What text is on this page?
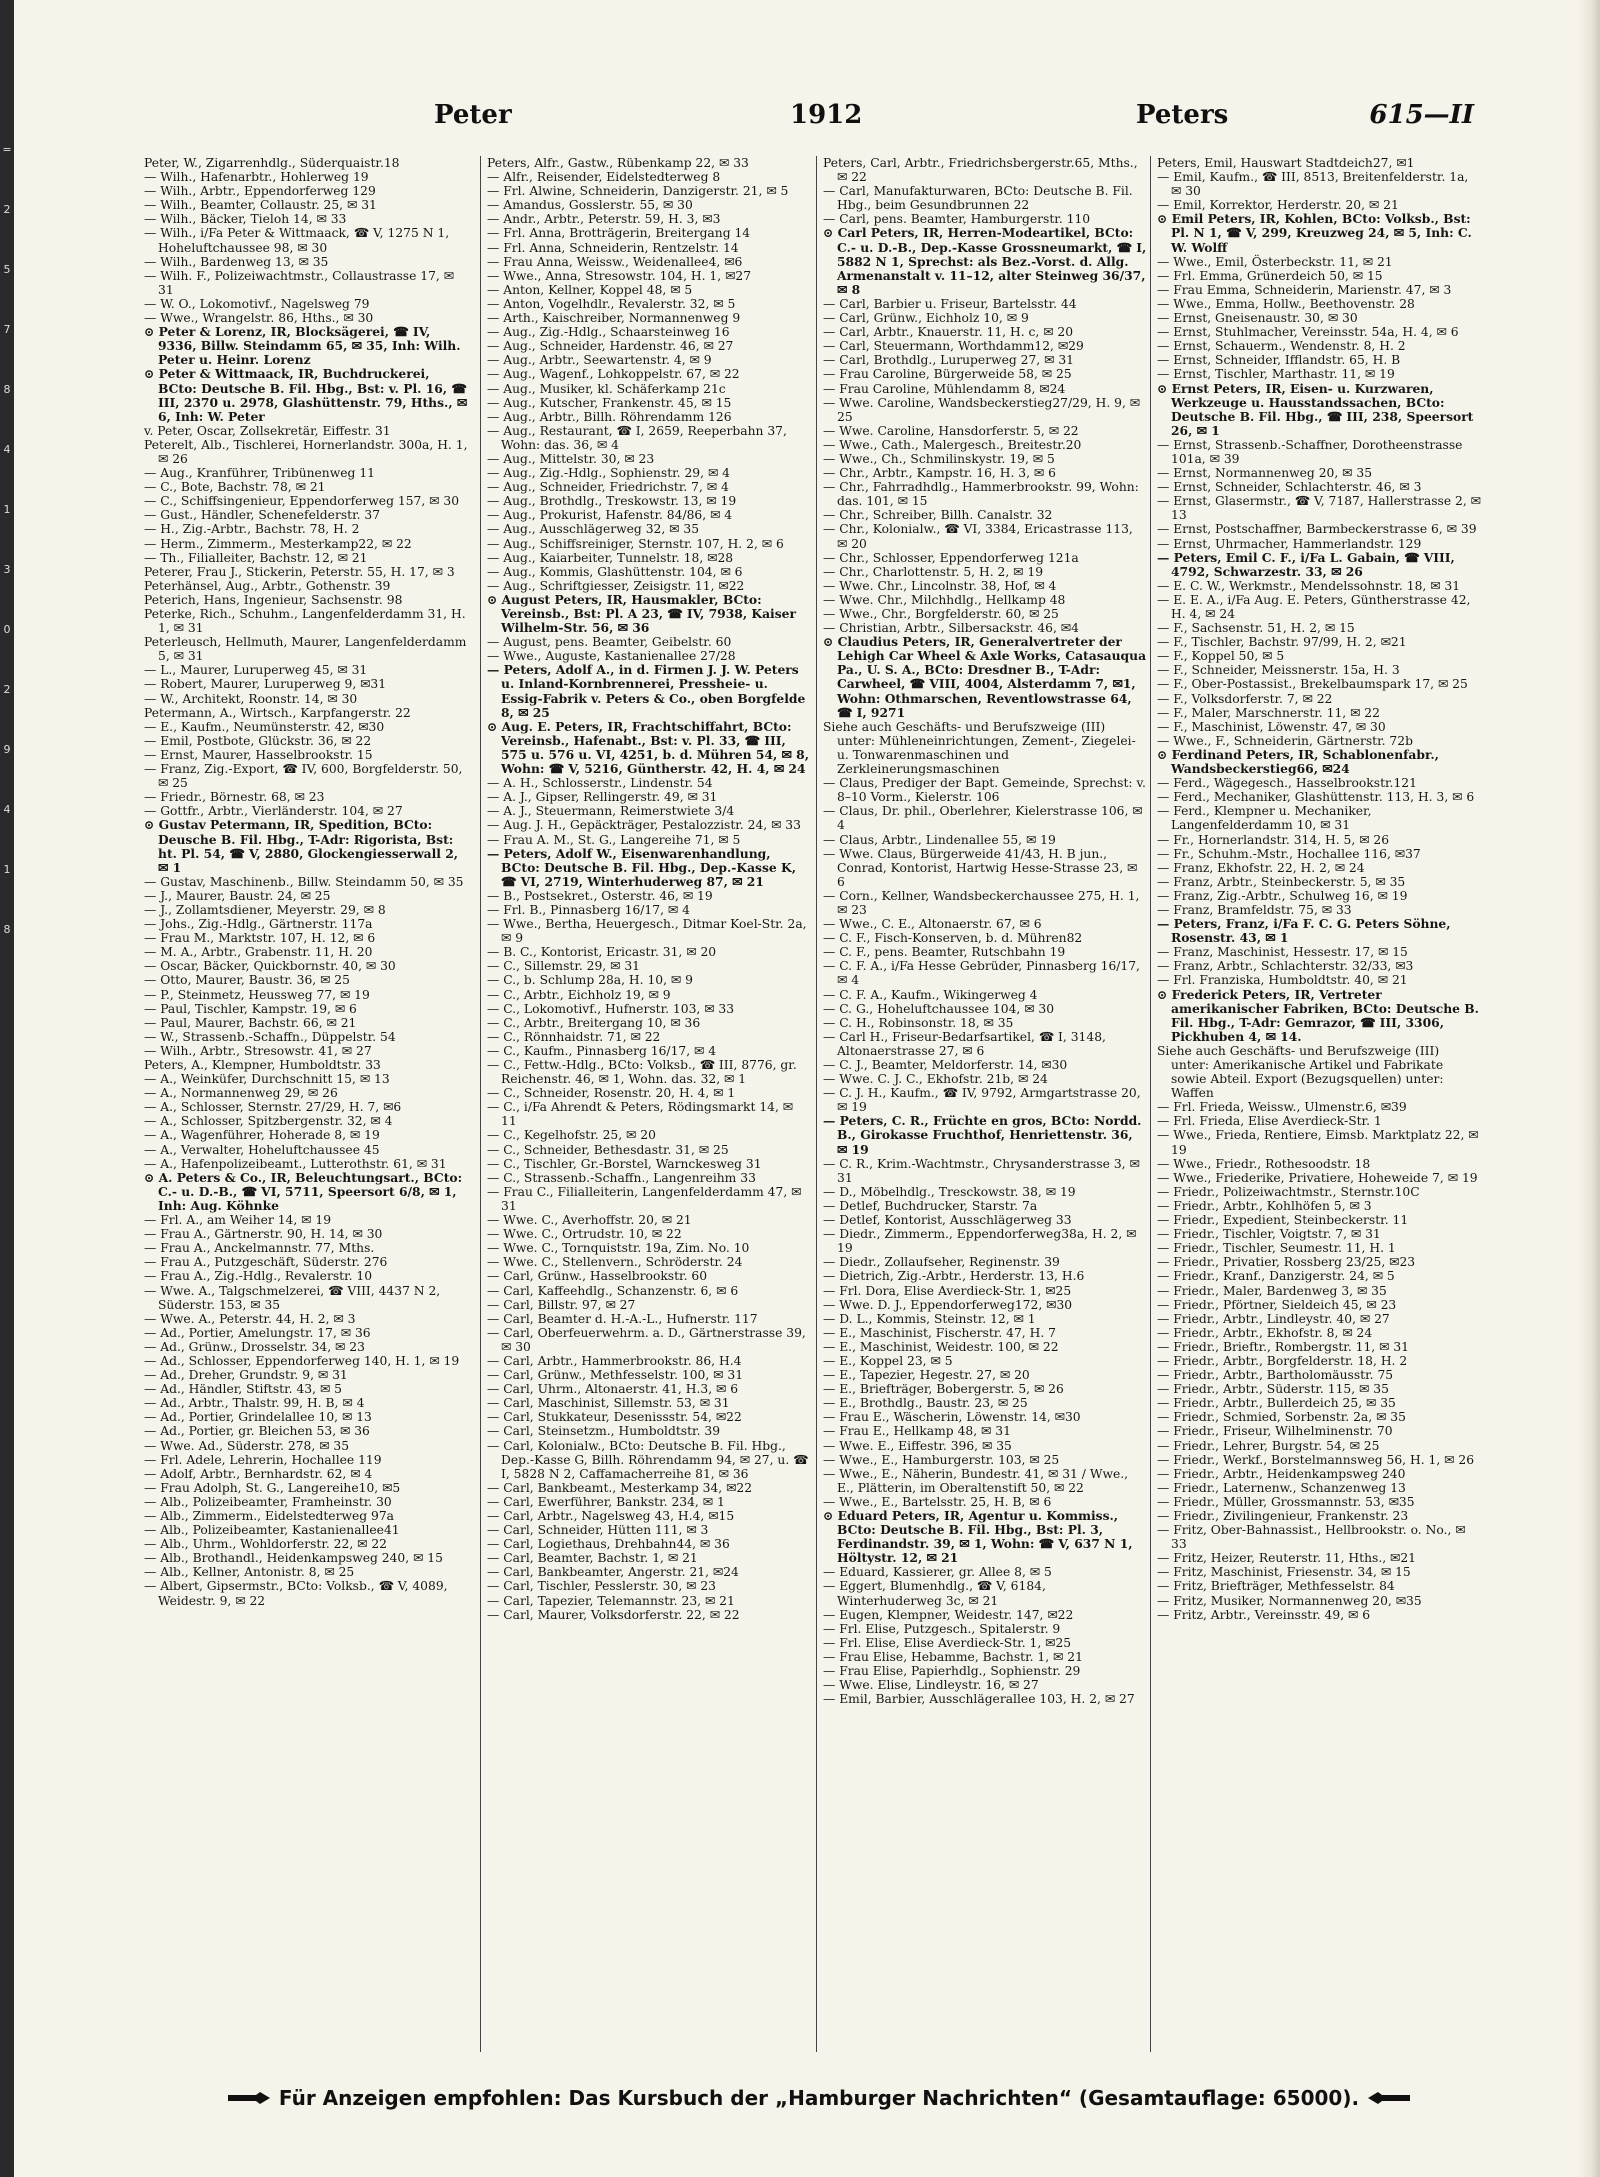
=
2
5
7
8
4
1
3
0
2
9
4
1
8
Peter	1912	Peters	615—II

Peter, W., Zigarrenhdlg., Süderquaistr.18

— Wilh., Hafenarbtr., Hohlerweg 19

— Wilh., Arbtr., Eppendorferweg 129

— Wilh., Beamter, Collaustr. 25, ✉ 31

— Wilh., Bäcker, Tieloh 14, ✉ 33

— Wilh., i/Fa Peter & Wittmaack, ☎ V, 1275 N 1, Hoheluftchaussee 98, ✉ 30

— Wilh., Bardenweg 13, ✉ 35

— Wilh. F., Polizeiwachtmstr., Collaustrasse 17, ✉ 31

— W. O., Lokomotivf., Nagelsweg 79

— Wwe., Wrangelstr. 86, Hths., ✉ 30

⊙ Peter & Lorenz, IR, Blocksägerei, ☎ IV, 9336, Billw. Steindamm 65, ✉ 35, Inh: Wilh. Peter u. Heinr. Lorenz

⊙ Peter & Wittmaack, IR, Buchdruckerei, BCto: Deutsche B. Fil. Hbg., Bst: v. Pl. 16, ☎ III, 2370 u. 2978, Glashüttenstr. 79, Hths., ✉ 6, Inh: W. Peter

v. Peter, Oscar, Zollsekretär, Eiffestr. 31

Peterelt, Alb., Tischlerei, Hornerlandstr. 300a, H. 1, ✉ 26

— Aug., Kranführer, Tribünenweg 11

— C., Bote, Bachstr. 78, ✉ 21

— C., Schiffsingenieur, Eppendorferweg 157, ✉ 30

— Gust., Händler, Schenefelderstr. 37

— H., Zig.-Arbtr., Bachstr. 78, H. 2

— Herm., Zimmerm., Mesterkamp22, ✉ 22

— Th., Filialleiter, Bachstr. 12, ✉ 21

Peterer, Frau J., Stickerin, Peterstr. 55, H. 17, ✉ 3

Peterhänsel, Aug., Arbtr., Gothenstr. 39

Peterich, Hans, Ingenieur, Sachsenstr. 98

Peterke, Rich., Schuhm., Langenfelderdamm 31, H. 1, ✉ 31

Peterleusch, Hellmuth, Maurer, Langenfelderdamm 5, ✉ 31

— L., Maurer, Luruperweg 45, ✉ 31

— Robert, Maurer, Luruperweg 9, ✉31

— W., Architekt, Roonstr. 14, ✉ 30

Petermann, A., Wirtsch., Karpfangerstr. 22

— E., Kaufm., Neumünsterstr. 42, ✉30

— Emil, Postbote, Glückstr. 36, ✉ 22

— Ernst, Maurer, Hasselbrookstr. 15

— Franz, Zig.-Export, ☎ IV, 600, Borgfelderstr. 50, ✉ 25

— Friedr., Börnestr. 68, ✉ 23

— Gottfr., Arbtr., Vierländerstr. 104, ✉ 27

⊙ Gustav Petermann, IR, Spedition, BCto: Deusche B. Fil. Hbg., T-Adr: Rigorista, Bst: ht. Pl. 54, ☎ V, 2880, Glockengiesserwall 2, ✉ 1

— Gustav, Maschinenb., Billw. Steindamm 50, ✉ 35

— J., Maurer, Baustr. 24, ✉ 25

— J., Zollamtsdiener, Meyerstr. 29, ✉ 8

— Johs., Zig.-Hdlg., Gärtnerstr. 117a

— Frau M., Marktstr. 107, H. 12, ✉ 6

— M. A., Arbtr., Grabenstr. 11, H. 20

— Oscar, Bäcker, Quickbornstr. 40, ✉ 30

— Otto, Maurer, Baustr. 36, ✉ 25

— P., Steinmetz, Heussweg 77, ✉ 19

— Paul, Tischler, Kampstr. 19, ✉ 6

— Paul, Maurer, Bachstr. 66, ✉ 21

— W., Strassenb.-Schaffn., Düppelstr. 54

— Wilh., Arbtr., Stresowstr. 41, ✉ 27

Peters, A., Klempner, Humboldtstr. 33

— A., Weinküfer, Durchschnitt 15, ✉ 13

— A., Normannenweg 29, ✉ 26

— A., Schlosser, Sternstr. 27/29, H. 7, ✉6

— A., Schlosser, Spitzbergenstr. 32, ✉ 4

— A., Wagenführer, Hoherade 8, ✉ 19

— A., Verwalter, Hoheluftchaussee 45

— A., Hafenpolizeibeamt., Lutterothstr. 61, ✉ 31

⊙ A. Peters & Co., IR, Beleuchtungsart., BCto: C.- u. D.-B., ☎ VI, 5711, Speersort 6/8, ✉ 1, Inh: Aug. Köhnke

— Frl. A., am Weiher 14, ✉ 19

— Frau A., Gärtnerstr. 90, H. 14, ✉ 30

— Frau A., Anckelmannstr. 77, Mths.

— Frau A., Putzgeschäft, Süderstr. 276

— Frau A., Zig.-Hdlg., Revalerstr. 10

— Wwe. A., Talgschmelzerei, ☎ VIII, 4437 N 2, Süderstr. 153, ✉ 35

— Wwe. A., Peterstr. 44, H. 2, ✉ 3

— Ad., Portier, Amelungstr. 17, ✉ 36

— Ad., Grünw., Drosselstr. 34, ✉ 23

— Ad., Schlosser, Eppendorferweg 140, H. 1, ✉ 19

— Ad., Dreher, Grundstr. 9, ✉ 31

— Ad., Händler, Stiftstr. 43, ✉ 5

— Ad., Arbtr., Thalstr. 99, H. B, ✉ 4

— Ad., Portier, Grindelallee 10, ✉ 13

— Ad., Portier, gr. Bleichen 53, ✉ 36

— Wwe. Ad., Süderstr. 278, ✉ 35

— Frl. Adele, Lehrerin, Hochallee 119

— Adolf, Arbtr., Bernhardstr. 62, ✉ 4

— Frau Adolph, St. G., Langereihe10, ✉5

— Alb., Polizeibeamter, Framheinstr. 30

— Alb., Zimmerm., Eidelstedterweg 97a

— Alb., Polizeibeamter, Kastanienallee41

— Alb., Uhrm., Wohldorferstr. 22, ✉ 22

— Alb., Brothandl., Heidenkampsweg 240, ✉ 15

— Alb., Kellner, Antonistr. 8, ✉ 25

— Albert, Gipsermstr., BCto: Volksb., ☎ V, 4089, Weidestr. 9, ✉ 22

Peters, Alfr., Gastw., Rübenkamp 22, ✉ 33

— Alfr., Reisender, Eidelstedterweg 8

— Frl. Alwine, Schneiderin, Danzigerstr. 21, ✉ 5

— Amandus, Gosslerstr. 55, ✉ 30

— Andr., Arbtr., Peterstr. 59, H. 3, ✉3

— Frl. Anna, Brotträgerin, Breitergang 14

— Frl. Anna, Schneiderin, Rentzelstr. 14

— Frau Anna, Weissw., Weidenallee4, ✉6

— Wwe., Anna, Stresowstr. 104, H. 1, ✉27

— Anton, Kellner, Koppel 48, ✉ 5

— Anton, Vogelhdlr., Revalerstr. 32, ✉ 5

— Arth., Kaischreiber, Normannenweg 9

— Aug., Zig.-Hdlg., Schaarsteinweg 16

— Aug., Schneider, Hardenstr. 46, ✉ 27

— Aug., Arbtr., Seewartenstr. 4, ✉ 9

— Aug., Wagenf., Lohkoppelstr. 67, ✉ 22

— Aug., Musiker, kl. Schäferkamp 21c

— Aug., Kutscher, Frankenstr. 45, ✉ 15

— Aug., Arbtr., Billh. Röhrendamm 126

— Aug., Restaurant, ☎ I, 2659, Reeperbahn 37, Wohn: das. 36, ✉ 4

— Aug., Mittelstr. 30, ✉ 23

— Aug., Zig.-Hdlg., Sophienstr. 29, ✉ 4

— Aug., Schneider, Friedrichstr. 7, ✉ 4

— Aug., Brothdlg., Treskowstr. 13, ✉ 19

— Aug., Prokurist, Hafenstr. 84/86, ✉ 4

— Aug., Ausschlägerweg 32, ✉ 35

— Aug., Schiffsreiniger, Sternstr. 107, H. 2, ✉ 6

— Aug., Kaiarbeiter, Tunnelstr. 18, ✉28

— Aug., Kommis, Glashüttenstr. 104, ✉ 6

— Aug., Schriftgiesser, Zeisigstr. 11, ✉22

⊙ August Peters, IR, Hausmakler, BCto: Vereinsb., Bst: Pl. A 23, ☎ IV, 7938, Kaiser Wilhelm-Str. 56, ✉ 36

— August, pens. Beamter, Geibelstr. 60

— Wwe., Auguste, Kastanienallee 27/28

— Peters, Adolf A., in d. Firmen J. J. W. Peters u. Inland-Kornbrennerei, Pressheie- u. Essig-Fabrik v. Peters & Co., oben Borgfelde 8, ✉ 25

⊙ Aug. E. Peters, IR, Frachtschiffahrt, BCto: Vereinsb., Hafenabt., Bst: v. Pl. 33, ☎ III, 575 u. 576 u. VI, 4251, b. d. Mühren 54, ✉ 8, Wohn: ☎ V, 5216, Güntherstr. 42, H. 4, ✉ 24

— A. H., Schlosserstr., Lindenstr. 54

— A. J., Gipser, Rellingerstr. 49, ✉ 31

— A. J., Steuermann, Reimerstwiete 3/4

— Aug. J. H., Gepäckträger, Pestalozzistr. 24, ✉ 33

— Frau A. M., St. G., Langereihe 71, ✉ 5

— Peters, Adolf W., Eisenwarenhandlung, BCto: Deutsche B. Fil. Hbg., Dep.-Kasse K, ☎ VI, 2719, Winterhuderweg 87, ✉ 21

— B., Postsekret., Osterstr. 46, ✉ 19

— Frl. B., Pinnasberg 16/17, ✉ 4

— Wwe., Bertha, Heuergesch., Ditmar Koel-Str. 2a, ✉ 9

— B. C., Kontorist, Ericastr. 31, ✉ 20

— C., Sillemstr. 29, ✉ 31

— C., b. Schlump 28a, H. 10, ✉ 9

— C., Arbtr., Eichholz 19, ✉ 9

— C., Lokomotivf., Hufnerstr. 103, ✉ 33

— C., Arbtr., Breitergang 10, ✉ 36

— C., Rönnhaidstr. 71, ✉ 22

— C., Kaufm., Pinnasberg 16/17, ✉ 4

— C., Fettw.-Hdlg., BCto: Volksb., ☎ III, 8776, gr. Reichenstr. 46, ✉ 1, Wohn. das. 32, ✉ 1

— C., Schneider, Rosenstr. 20, H. 4, ✉ 1

— C., i/Fa Ahrendt & Peters, Rödingsmarkt 14, ✉ 11

— C., Kegelhofstr. 25, ✉ 20

— C., Schneider, Bethesdastr. 31, ✉ 25

— C., Tischler, Gr.-Borstel, Warnckesweg 31

— C., Strassenb.-Schaffn., Langenreihm 33

— Frau C., Filialleiterin, Langenfelderdamm 47, ✉ 31

— Wwe. C., Averhoffstr. 20, ✉ 21

— Wwe. C., Ortrudstr. 10, ✉ 22

— Wwe. C., Tornquiststr. 19a, Zim. No. 10

— Wwe. C., Stellenvern., Schröderstr. 24

— Carl, Grünw., Hasselbrookstr. 60

— Carl, Kaffeehdlg., Schanzenstr. 6, ✉ 6

— Carl, Billstr. 97, ✉ 27

— Carl, Beamter d. H.-A.-L., Hufnerstr. 117

— Carl, Oberfeuerwehrm. a. D., Gärtnerstrasse 39, ✉ 30

— Carl, Arbtr., Hammerbrookstr. 86, H.4

— Carl, Grünw., Methfesselstr. 100, ✉ 31

— Carl, Uhrm., Altonaerstr. 41, H.3, ✉ 6

— Carl, Maschinist, Sillemstr. 53, ✉ 31

— Carl, Stukkateur, Desenissstr. 54, ✉22

— Carl, Steinsetzm., Humboldtstr. 39

— Carl, Kolonialw., BCto: Deutsche B. Fil. Hbg., Dep.-Kasse G, Billh. Röhrendamm 94, ✉ 27, u. ☎ I, 5828 N 2, Caffamacherreihe 81, ✉ 36

— Carl, Bankbeamt., Mesterkamp 34, ✉22

— Carl, Ewerführer, Bankstr. 234, ✉ 1

— Carl, Arbtr., Nagelsweg 43, H.4, ✉15

— Carl, Schneider, Hütten 111, ✉ 3

— Carl, Logiethaus, Drehbahn44, ✉ 36

— Carl, Beamter, Bachstr. 1, ✉ 21

— Carl, Bankbeamter, Angerstr. 21, ✉24

— Carl, Tischler, Pesslerstr. 30, ✉ 23

— Carl, Tapezier, Telemannstr. 23, ✉ 21

— Carl, Maurer, Volksdorferstr. 22, ✉ 22

Peters, Carl, Arbtr., Friedrichsbergerstr.65, Mths., ✉ 22

— Carl, Manufakturwaren, BCto: Deutsche B. Fil. Hbg., beim Gesundbrunnen 22

— Carl, pens. Beamter, Hamburgerstr. 110

⊙ Carl Peters, IR, Herren-Modeartikel, BCto: C.- u. D.-B., Dep.-Kasse Grossneumarkt, ☎ I, 5882 N 1, Sprechst: als Bez.-Vorst. d. Allg. Armenanstalt v. 11–12, alter Steinweg 36/37, ✉ 8

— Carl, Barbier u. Friseur, Bartelsstr. 44

— Carl, Grünw., Eichholz 10, ✉ 9

— Carl, Arbtr., Knauerstr. 11, H. c, ✉ 20

— Carl, Steuermann, Worthdamm12, ✉29

— Carl, Brothdlg., Luruperweg 27, ✉ 31

— Frau Caroline, Bürgerweide 58, ✉ 25

— Frau Caroline, Mühlendamm 8, ✉24

— Wwe. Caroline, Wandsbeckerstieg27/29, H. 9, ✉ 25

— Wwe. Caroline, Hansdorferstr. 5, ✉ 22

— Wwe., Cath., Malergesch., Breitestr.20

— Wwe., Ch., Schmilinskystr. 19, ✉ 5

— Chr., Arbtr., Kampstr. 16, H. 3, ✉ 6

— Chr., Fahrradhdlg., Hammerbrookstr. 99, Wohn: das. 101, ✉ 15

— Chr., Schreiber, Billh. Canalstr. 32

— Chr., Kolonialw., ☎ VI, 3384, Ericastrasse 113, ✉ 20

— Chr., Schlosser, Eppendorferweg 121a

— Chr., Charlottenstr. 5, H. 2, ✉ 19

— Wwe. Chr., Lincolnstr. 38, Hof, ✉ 4

— Wwe. Chr., Milchhdlg., Hellkamp 48

— Wwe., Chr., Borgfelderstr. 60, ✉ 25

— Christian, Arbtr., Silbersackstr. 46, ✉4

⊙ Claudius Peters, IR, Generalvertreter der Lehigh Car Wheel & Axle Works, Catasauqua Pa., U. S. A., BCto: Dresdner B., T-Adr: Carwheel, ☎ VIII, 4004, Alsterdamm 7, ✉1, Wohn: Othmarschen, Reventlowstrasse 64, ☎ I, 9271

Siehe auch Geschäfts- und Berufszweige (III) unter: Mühleneinrichtungen, Zement-, Ziegelei- u. Tonwarenmaschinen und Zerkleinerungsmaschinen

— Claus, Prediger der Bapt. Gemeinde, Sprechst: v. 8–10 Vorm., Kielerstr. 106

— Claus, Dr. phil., Oberlehrer, Kielerstrasse 106, ✉ 4

— Claus, Arbtr., Lindenallee 55, ✉ 19

— Wwe. Claus, Bürgerweide 41/43, H. B jun., Conrad, Kontorist, Hartwig Hesse-Strasse 23, ✉ 6

— Corn., Kellner, Wandsbeckerchaussee 275, H. 1, ✉ 23

— Wwe., C. E., Altonaerstr. 67, ✉ 6

— C. F., Fisch-Konserven, b. d. Mühren82

— C. F., pens. Beamter, Rutschbahn 19

— C. F. A., i/Fa Hesse Gebrüder, Pinnasberg 16/17, ✉ 4

— C. F. A., Kaufm., Wikingerweg 4

— C. G., Hoheluftchaussee 104, ✉ 30

— C. H., Robinsonstr. 18, ✉ 35

— Carl H., Friseur-Bedarfsartikel, ☎ I, 3148, Altonaerstrasse 27, ✉ 6

— C. J., Beamter, Meldorferstr. 14, ✉30

— Wwe. C. J. C., Ekhofstr. 21b, ✉ 24

— C. J. H., Kaufm., ☎ IV, 9792, Armgartstrasse 20, ✉ 19

— Peters, C. R., Früchte en gros, BCto: Nordd. B., Girokasse Fruchthof, Henriettenstr. 36, ✉ 19

— C. R., Krim.-Wachtmstr., Chrysanderstrasse 3, ✉ 31

— D., Möbelhdlg., Tresckowstr. 38, ✉ 19

— Detlef, Buchdrucker, Starstr. 7a

— Detlef, Kontorist, Ausschlägerweg 33

— Diedr., Zimmerm., Eppendorferweg38a, H. 2, ✉ 19

— Diedr., Zollaufseher, Reginenstr. 39

— Dietrich, Zig.-Arbtr., Herderstr. 13, H.6

— Frl. Dora, Elise Averdieck-Str. 1, ✉25

— Wwe. D. J., Eppendorferweg172, ✉30

— D. L., Kommis, Steinstr. 12, ✉ 1

— E., Maschinist, Fischerstr. 47, H. 7

— E., Maschinist, Weidestr. 100, ✉ 22

— E., Koppel 23, ✉ 5

— E., Tapezier, Hegestr. 27, ✉ 20

— E., Briefträger, Bobergerstr. 5, ✉ 26

— E., Brothdlg., Baustr. 23, ✉ 25

— Frau E., Wäscherin, Löwenstr. 14, ✉30

— Frau E., Hellkamp 48, ✉ 31

— Wwe. E., Eiffestr. 396, ✉ 35

— Wwe., E., Hamburgerstr. 103, ✉ 25

— Wwe., E., Näherin, Bundestr. 41, ✉ 31 / Wwe., E., Plätterin, im Oberaltenstift 50, ✉ 22

— Wwe., E., Bartelsstr. 25, H. B, ✉ 6

⊙ Eduard Peters, IR, Agentur u. Kommiss., BCto: Deutsche B. Fil. Hbg., Bst: Pl. 3, Ferdinandstr. 39, ✉ 1, Wohn: ☎ V, 637 N 1, Höltystr. 12, ✉ 21

— Eduard, Kassierer, gr. Allee 8, ✉ 5

— Eggert, Blumenhdlg., ☎ V, 6184, Winterhuderweg 3c, ✉ 21

— Eugen, Klempner, Weidestr. 147, ✉22

— Frl. Elise, Putzgesch., Spitalerstr. 9

— Frl. Elise, Elise Averdieck-Str. 1, ✉25

— Frau Elise, Hebamme, Bachstr. 1, ✉ 21

— Frau Elise, Papierhdlg., Sophienstr. 29

— Wwe. Elise, Lindleystr. 16, ✉ 27

— Emil, Barbier, Ausschlägerallee 103, H. 2, ✉ 27

Peters, Emil, Hauswart Stadtdeich27, ✉1

— Emil, Kaufm., ☎ III, 8513, Breitenfelderstr. 1a, ✉ 30

— Emil, Korrektor, Herderstr. 20, ✉ 21

⊙ Emil Peters, IR, Kohlen, BCto: Volksb., Bst: Pl. N 1, ☎ V, 299, Kreuzweg 24, ✉ 5, Inh: C. W. Wolff

— Wwe., Emil, Österbeckstr. 11, ✉ 21

— Frl. Emma, Grünerdeich 50, ✉ 15

— Frau Emma, Schneiderin, Marienstr. 47, ✉ 3

— Wwe., Emma, Hollw., Beethovenstr. 28

— Ernst, Gneisenaustr. 30, ✉ 30

— Ernst, Stuhlmacher, Vereinsstr. 54a, H. 4, ✉ 6

— Ernst, Schauerm., Wendenstr. 8, H. 2

— Ernst, Schneider, Ifflandstr. 65, H. B

— Ernst, Tischler, Marthastr. 11, ✉ 19

⊙ Ernst Peters, IR, Eisen- u. Kurzwaren, Werkzeuge u. Hausstandssachen, BCto: Deutsche B. Fil. Hbg., ☎ III, 238, Speersort 26, ✉ 1

— Ernst, Strassenb.-Schaffner, Dorotheenstrasse 101a, ✉ 39

— Ernst, Normannenweg 20, ✉ 35

— Ernst, Schneider, Schlachterstr. 46, ✉ 3

— Ernst, Glasermstr., ☎ V, 7187, Hallerstrasse 2, ✉ 13

— Ernst, Postschaffner, Barmbeckerstrasse 6, ✉ 39

— Ernst, Uhrmacher, Hammerlandstr. 129

— Peters, Emil C. F., i/Fa L. Gabain, ☎ VIII, 4792, Schwarzestr. 33, ✉ 26

— E. C. W., Werkmstr., Mendelssohnstr. 18, ✉ 31

— E. E. A., i/Fa Aug. E. Peters, Güntherstrasse 42, H. 4, ✉ 24

— F., Sachsenstr. 51, H. 2, ✉ 15

— F., Tischler, Bachstr. 97/99, H. 2, ✉21

— F., Koppel 50, ✉ 5

— F., Schneider, Meissnerstr. 15a, H. 3

— F., Ober-Postassist., Brekelbaumspark 17, ✉ 25

— F., Volksdorferstr. 7, ✉ 22

— F., Maler, Marschnerstr. 11, ✉ 22

— F., Maschinist, Löwenstr. 47, ✉ 30

— Wwe., F., Schneiderin, Gärtnerstr. 72b

⊙ Ferdinand Peters, IR, Schablonenfabr., Wandsbeckerstieg66, ✉24

— Ferd., Wägegesch., Hasselbrookstr.121

— Ferd., Mechaniker, Glashüttenstr. 113, H. 3, ✉ 6

— Ferd., Klempner u. Mechaniker, Langenfelderdamm 10, ✉ 31

— Fr., Hornerlandstr. 314, H. 5, ✉ 26

— Fr., Schuhm.-Mstr., Hochallee 116, ✉37

— Franz, Ekhofstr. 22, H. 2, ✉ 24

— Franz, Arbtr., Steinbeckerstr. 5, ✉ 35

— Franz, Zig.-Arbtr., Schulweg 16, ✉ 19

— Franz, Bramfeldstr. 75, ✉ 33

— Peters, Franz, i/Fa F. C. G. Peters Söhne, Rosenstr. 43, ✉ 1

— Franz, Maschinist, Hessestr. 17, ✉ 15

— Franz, Arbtr., Schlachterstr. 32/33, ✉3

— Frl. Franziska, Humboldtstr. 40, ✉ 21

⊙ Frederick Peters, IR, Vertreter amerikanischer Fabriken, BCto: Deutsche B. Fil. Hbg., T-Adr: Gemrazor, ☎ III, 3306, Pickhuben 4, ✉ 14.

Siehe auch Geschäfts- und Berufszweige (III) unter: Amerikanische Artikel und Fabrikate sowie Abteil. Export (Bezugsquellen) unter: Waffen

— Frl. Frieda, Weissw., Ulmenstr.6, ✉39

— Frl. Frieda, Elise Averdieck-Str. 1

— Wwe., Frieda, Rentiere, Eimsb. Marktplatz 22, ✉ 19

— Wwe., Friedr., Rothesoodstr. 18

— Wwe., Friederike, Privatiere, Hoheweide 7, ✉ 19

— Friedr., Polizeiwachtmstr., Sternstr.10C

— Friedr., Arbtr., Kohlhöfen 5, ✉ 3

— Friedr., Expedient, Steinbeckerstr. 11

— Friedr., Tischler, Voigtstr. 7, ✉ 31

— Friedr., Tischler, Seumestr. 11, H. 1

— Friedr., Privatier, Rossberg 23/25, ✉23

— Friedr., Kranf., Danzigerstr. 24, ✉ 5

— Friedr., Maler, Bardenweg 3, ✉ 35

— Friedr., Pförtner, Sieldeich 45, ✉ 23

— Friedr., Arbtr., Lindleystr. 40, ✉ 27

— Friedr., Arbtr., Ekhofstr. 8, ✉ 24

— Friedr., Brieftr., Rombergstr. 11, ✉ 31

— Friedr., Arbtr., Borgfelderstr. 18, H. 2

— Friedr., Arbtr., Bartholomäusstr. 75

— Friedr., Arbtr., Süderstr. 115, ✉ 35

— Friedr., Arbtr., Bullerdeich 25, ✉ 35

— Friedr., Schmied, Sorbenstr. 2a, ✉ 35

— Friedr., Friseur, Wilhelminenstr. 70

— Friedr., Lehrer, Burgstr. 54, ✉ 25

— Friedr., Werkf., Borstelmannsweg 56, H. 1, ✉ 26

— Friedr., Arbtr., Heidenkampsweg 240

— Friedr., Laternenw., Schanzenweg 13

— Friedr., Müller, Grossmannstr. 53, ✉35

— Friedr., Zivilingenieur, Frankenstr. 23

— Fritz, Ober-Bahnassist., Hellbrookstr. o. No., ✉ 33

— Fritz, Heizer, Reuterstr. 11, Hths., ✉21

— Fritz, Maschinist, Friesenstr. 34, ✉ 15

— Fritz, Briefträger, Methfesselstr. 84

— Fritz, Musiker, Normannenweg 20, ✉35

— Fritz, Arbtr., Vereinsstr. 49, ✉ 6

Für Anzeigen empfohlen: Das Kursbuch der „Hamburger Nachrichten“ (Gesamtauflage: 65000).
